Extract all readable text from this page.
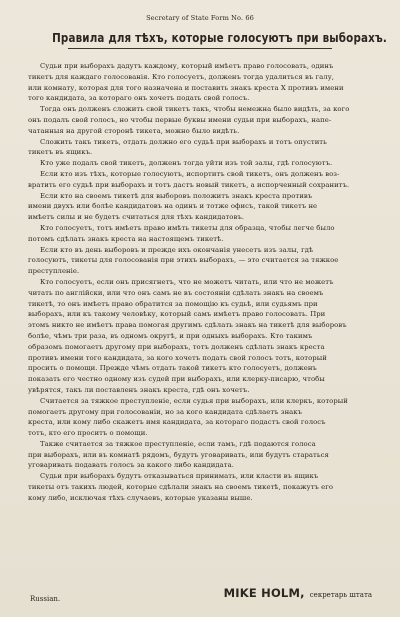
Secretary of State Form No. 66
Правила для тѣхъ, которые голосуютъ при выборахъ.

Судьи при выборахъ дадутъ каждому, который имѣетъ право голосовать, одинъ
тикетъ для каждаго голосованія. Кто голосуетъ, долженъ тогда удалиться въ галу,
или комнату, которая для того назначена и поставить знакъ креста Х противъ имени
того кандидата, за котораго онъ хочетъ подать свой голосъ.

Тогда онъ долженъ сложить свой тикетъ такъ, чтобы немежна было видѣть, за кого
онъ подалъ свой голосъ, но чтобы первые буквы имени судьи при выборахъ, напе-
чатанныя на другой сторонѣ тикета, можно было видѣть.

Сложить такъ тикетъ, отдать должно его судьѣ при выборахъ и тотъ опустить
тикетъ въ ящикъ.

Кто уже подалъ свой тикетъ, долженъ тогда уйти изъ той залы, гдѣ голосуютъ.

Если кто изъ тѣхъ, которые голосуютъ, испортитъ свой тикетъ, онъ долженъ воз-
вратить его судьѣ при выборахъ и тотъ дастъ новый тикетъ, а испорченный сохранитъ.

Если кто на своемъ тикетѣ для выборовъ положитъ знакъ креста противъ
имени двухъ или болѣе кандидатовъ на одинъ и тотже офисъ, такой тикетъ не
имѣетъ силы и не будетъ считаться для тѣхъ кандидатовъ.

Кто голосуетъ, тотъ имѣетъ право имѣть тикеты для образца, чтобы легче было
потомъ сдѣлать знакъ креста на настоящемъ тикетѣ.

Если кто въ день выборовъ и прежде ихъ окончанія унесетъ изъ залы, гдѣ
голосуютъ, тикеты для голосованія при этихъ выборахъ, — это считается за тяжкое
преступленіе.

Кто голосуетъ, если онъ присягнетъ, что не можетъ читать, или что не можетъ
читать по англійски, или что онъ самъ не въ состояніи сдѣлать знакъ на своемъ
тикетѣ, то онъ имѣетъ право обратится за помощію къ судьѣ, или судьямъ при
выборахъ, или къ такому человѣку, который самъ имѣетъ право голосовать. При
этомъ никто не имѣетъ права помогая другимъ сдѣлать знакъ на тикетѣ для выборовъ
болѣе, чѣмъ три раза, въ одномъ округѣ, и при одныхъ выборахъ. Кто такимъ
образомъ помогаетъ другому при выборахъ, тотъ долженъ сдѣлать знакъ креста
противъ имени того кандидата, за кого хочетъ подать свой голосъ тотъ, который
просить о помощи. Прежде чѣмъ отдать такой тикетъ кто голосуетъ, долженъ
показать его честно одному изъ судей при выборахъ, или клерку-писарю, чтобы
увѣрятся, такъ ли поставленъ знакъ креста, гдѣ онъ хочетъ.

Считается за тяжкое преступленіе, если судья при выборахъ, или клеркъ, который
помогаетъ другому при голосованіи, но за кого кандидата сдѣлаетъ знакъ
креста, или кому либо скажетъ имя кандидата, за котораго подастъ свой голосъ
тотъ, кто его проситъ о помощи.

Также считается за тяжкое преступленіе, если тамъ, гдѣ подаются голоса
при выборахъ, или въ комнатѣ рядомъ, будутъ уговаривать, или будутъ стараться
уговаривать подавать голосъ за какого либо кандидата.

Судьи при выборахъ будутъ отказываться принимать, или класти въ ящикъ
тикеты отъ такихъ людей, которые сдѣлали знакъ на своемъ тикетѣ, покажутъ его
кому либо, исключая тѣхъ случаевъ, которые указаны выше.

Russian.	MIKE HOLM, секретарь штата
